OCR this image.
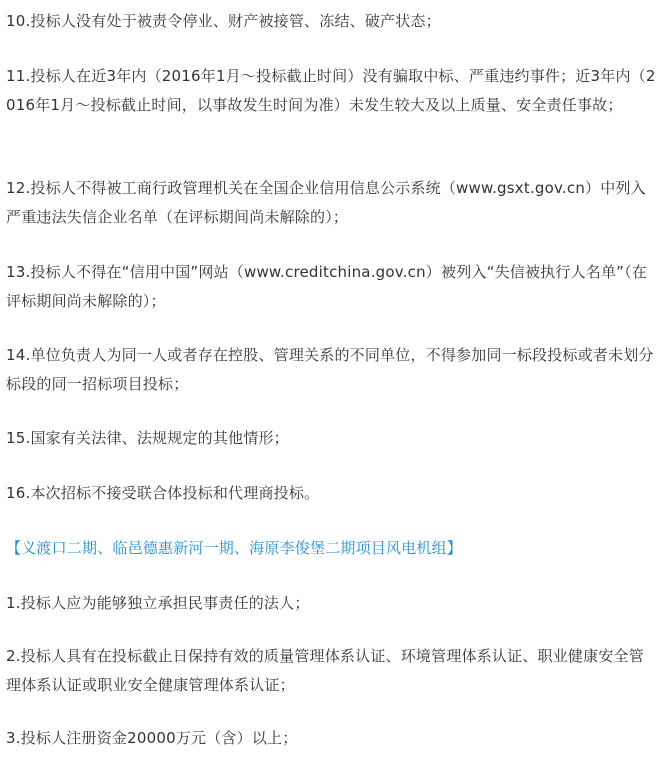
10.投标人没有处于被责令停业、财产被接管、冻结、破产状态；

11.投标人在近3年内（2016年1月～投标截止时间）没有骗取中标、严重违约事件；近3年内（2016年1月～投标截止时间，以事故发生时间为准）未发生较大及以上质量、安全责任事故；

12.投标人不得被工商行政管理机关在全国企业信用信息公示系统（www.gsxt.gov.cn）中列入严重违法失信企业名单（在评标期间尚未解除的）；

13.投标人不得在“信用中国”网站（www.creditchina.gov.cn）被列入“失信被执行人名单”（在评标期间尚未解除的）；

14.单位负责人为同一人或者存在控股、管理关系的不同单位，不得参加同一标段投标或者未划分标段的同一招标项目投标；

15.国家有关法律、法规规定的其他情形；

16.本次招标不接受联合体投标和代理商投标。

【义渡口二期、临邑德惠新河一期、海原李俊堡二期项目风电机组】

1.投标人应为能够独立承担民事责任的法人；

2.投标人具有在投标截止日保持有效的质量管理体系认证、环境管理体系认证、职业健康安全管理体系认证或职业安全健康管理体系认证；

3.投标人注册资金20000万元（含）以上；
